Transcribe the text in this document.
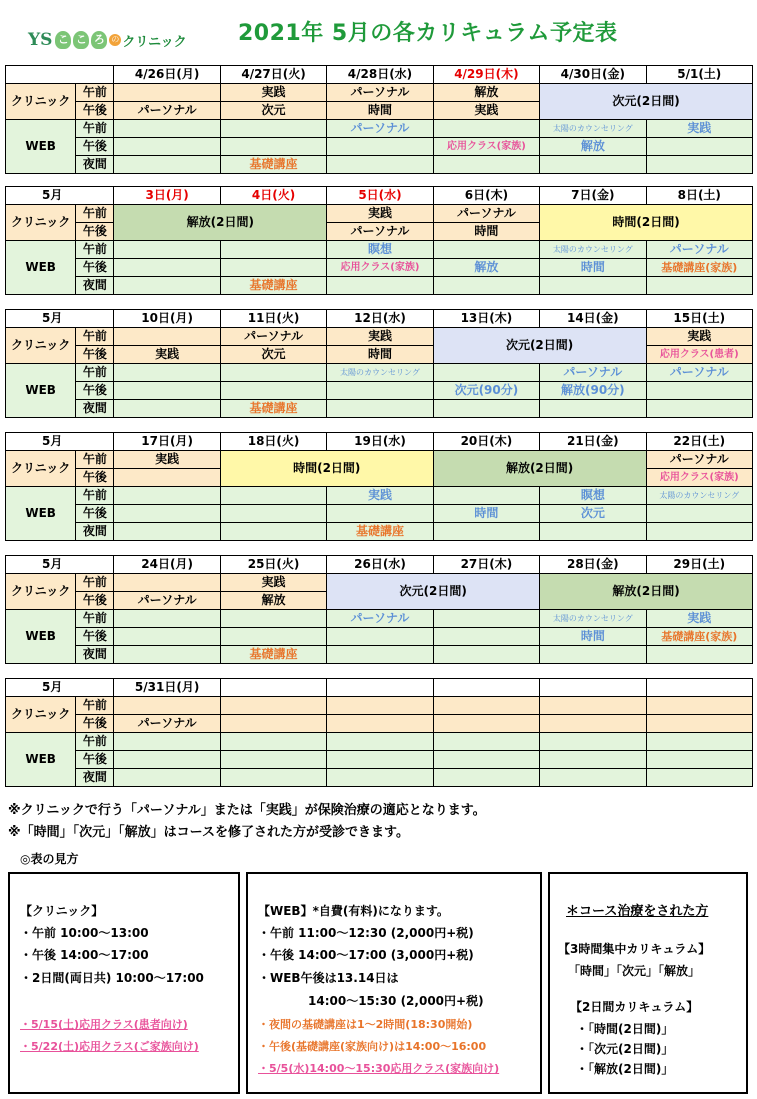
YS こ こ ろ の クリニック 2021年 5月の各カリキュラム予定表
		4/26日(月)	4/27日(火)	4/28日(水)	4/29日(木)	4/30日(金)	5/1(土)
クリニック	午前		実践	パーソナル	解放	次元(2日間)	
	午後	パーソナル	次元	時間	実践		
WEB	午前			パーソナル		太陽のカウンセリング	実践
	午後				応用クラス(家族)	解放	
	夜間		基礎講座				
5月		3日(月)	4日(火)	5日(水)	6日(木)	7日(金)	8日(土)
クリニック	午前	解放(2日間)		実践	パーソナル	時間(2日間)	
	午後			パーソナル	時間		
WEB	午前			瞑想		太陽のカウンセリング	パーソナル
	午後			応用クラス(家族)	解放	時間	基礎講座(家族)
	夜間		基礎講座				
5月		10日(月)	11日(火)	12日(水)	13日(木)	14日(金)	15日(土)
クリニック	午前		パーソナル	実践	次元(2日間)		実践
	午後	実践	次元	時間			応用クラス(患者)
WEB	午前			太陽のカウンセリング		パーソナル	パーソナル
	午後				次元(90分)	解放(90分)	
	夜間		基礎講座				
5月		17日(月)	18日(火)	19日(水)	20日(木)	21日(金)	22日(土)
クリニック	午前	実践	時間(2日間)		解放(2日間)		パーソナル
	午後						応用クラス(家族)
WEB	午前			実践		瞑想	太陽のカウンセリング
	午後				時間	次元	
	夜間			基礎講座			
5月		24日(月)	25日(火)	26日(水)	27日(木)	28日(金)	29日(土)
クリニック	午前		実践	次元(2日間)		解放(2日間)	
	午後	パーソナル	解放				
WEB	午前			パーソナル		太陽のカウンセリング	実践
	午後					時間	基礎講座(家族)
	夜間		基礎講座				
5月		5/31日(月)					
クリニック	午前						
	午後	パーソナル					
WEB	午前						
	午後						
	夜間						
※クリニックで行う「パーソナル」または「実践」が保険治療の適応となります。
※「時間」「次元」「解放」はコースを修了された方が受診できます。
◎表の見方
【クリニック】
・午前 10:00～13:00
・午後 14:00～17:00
・2日間(両日共) 10:00～17:00
・5/15(土)応用クラス(患者向け)
・5/22(土)応用クラス(ご家族向け)
【WEB】*自費(有料)になります。
・午前 11:00～12:30 (2,000円+税)
・午後 14:00～17:00 (3,000円+税)
・WEB午後は13.14日は
14:00～15:30 (2,000円+税)
・夜間の基礎講座は1～2時間(18:30開始)
・午後(基礎講座(家族向け)は14:00～16:00
・5/5(水)14:00～15:30応用クラス(家族向け)
＊コース治療をされた方
【3時間集中カリキュラム】
「時間」「次元」「解放」
【2日間カリキュラム】
・「時間(2日間)」
・「次元(2日間)」
・「解放(2日間)」
